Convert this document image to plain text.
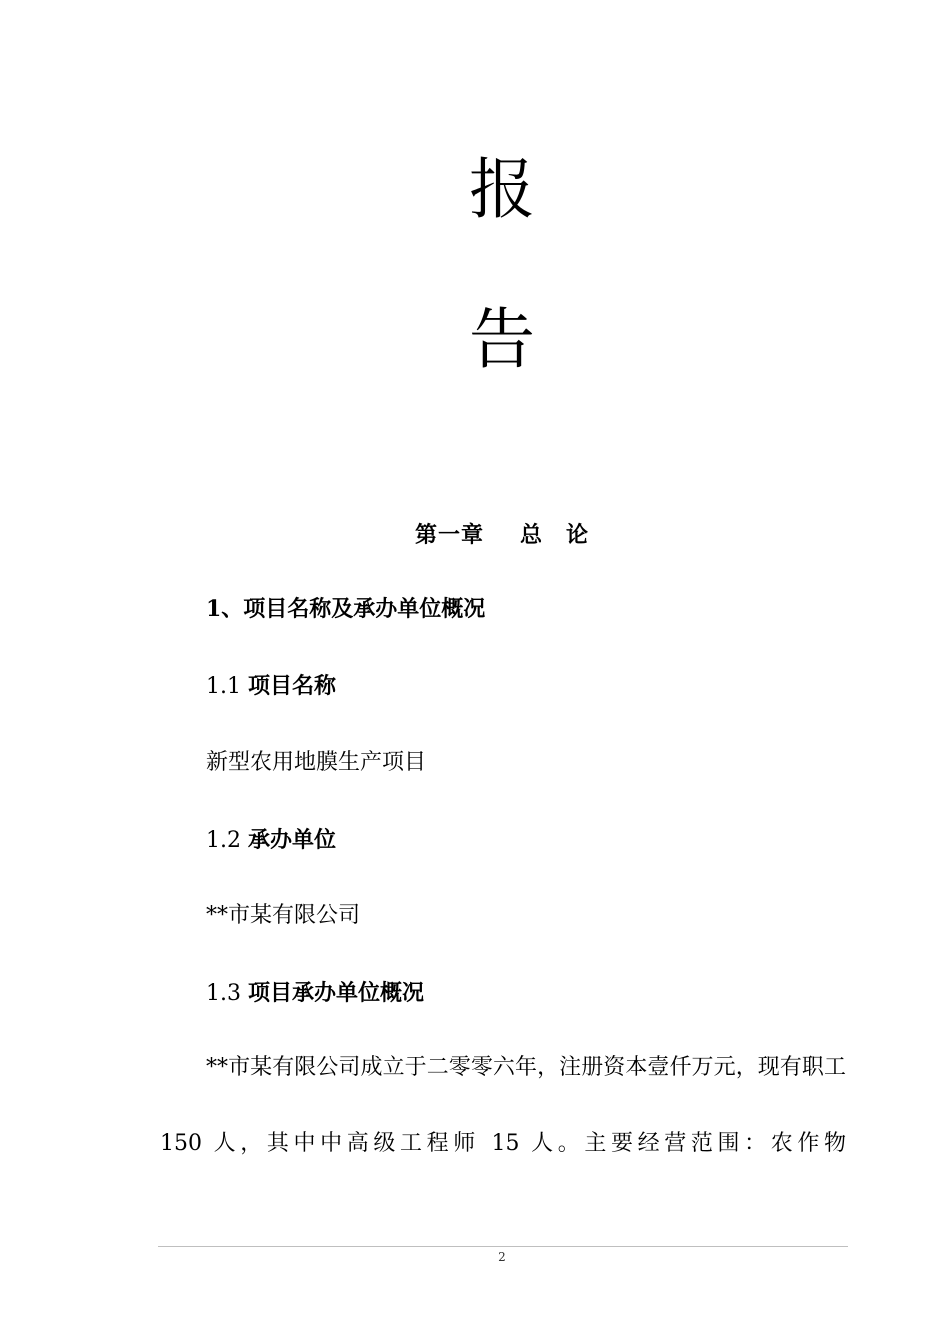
报
告
第一章 总　论
1、项目名称及承办单位概况
1.1 项目名称
新型农用地膜生产项目
1.2 承办单位
**市某有限公司
1.3 项目承办单位概况
**市某有限公司成立于二零零六年，注册资本壹仟万元，现有职工 150 人，其中中高级工程师 15 人。主要经营范围：农作物
2
